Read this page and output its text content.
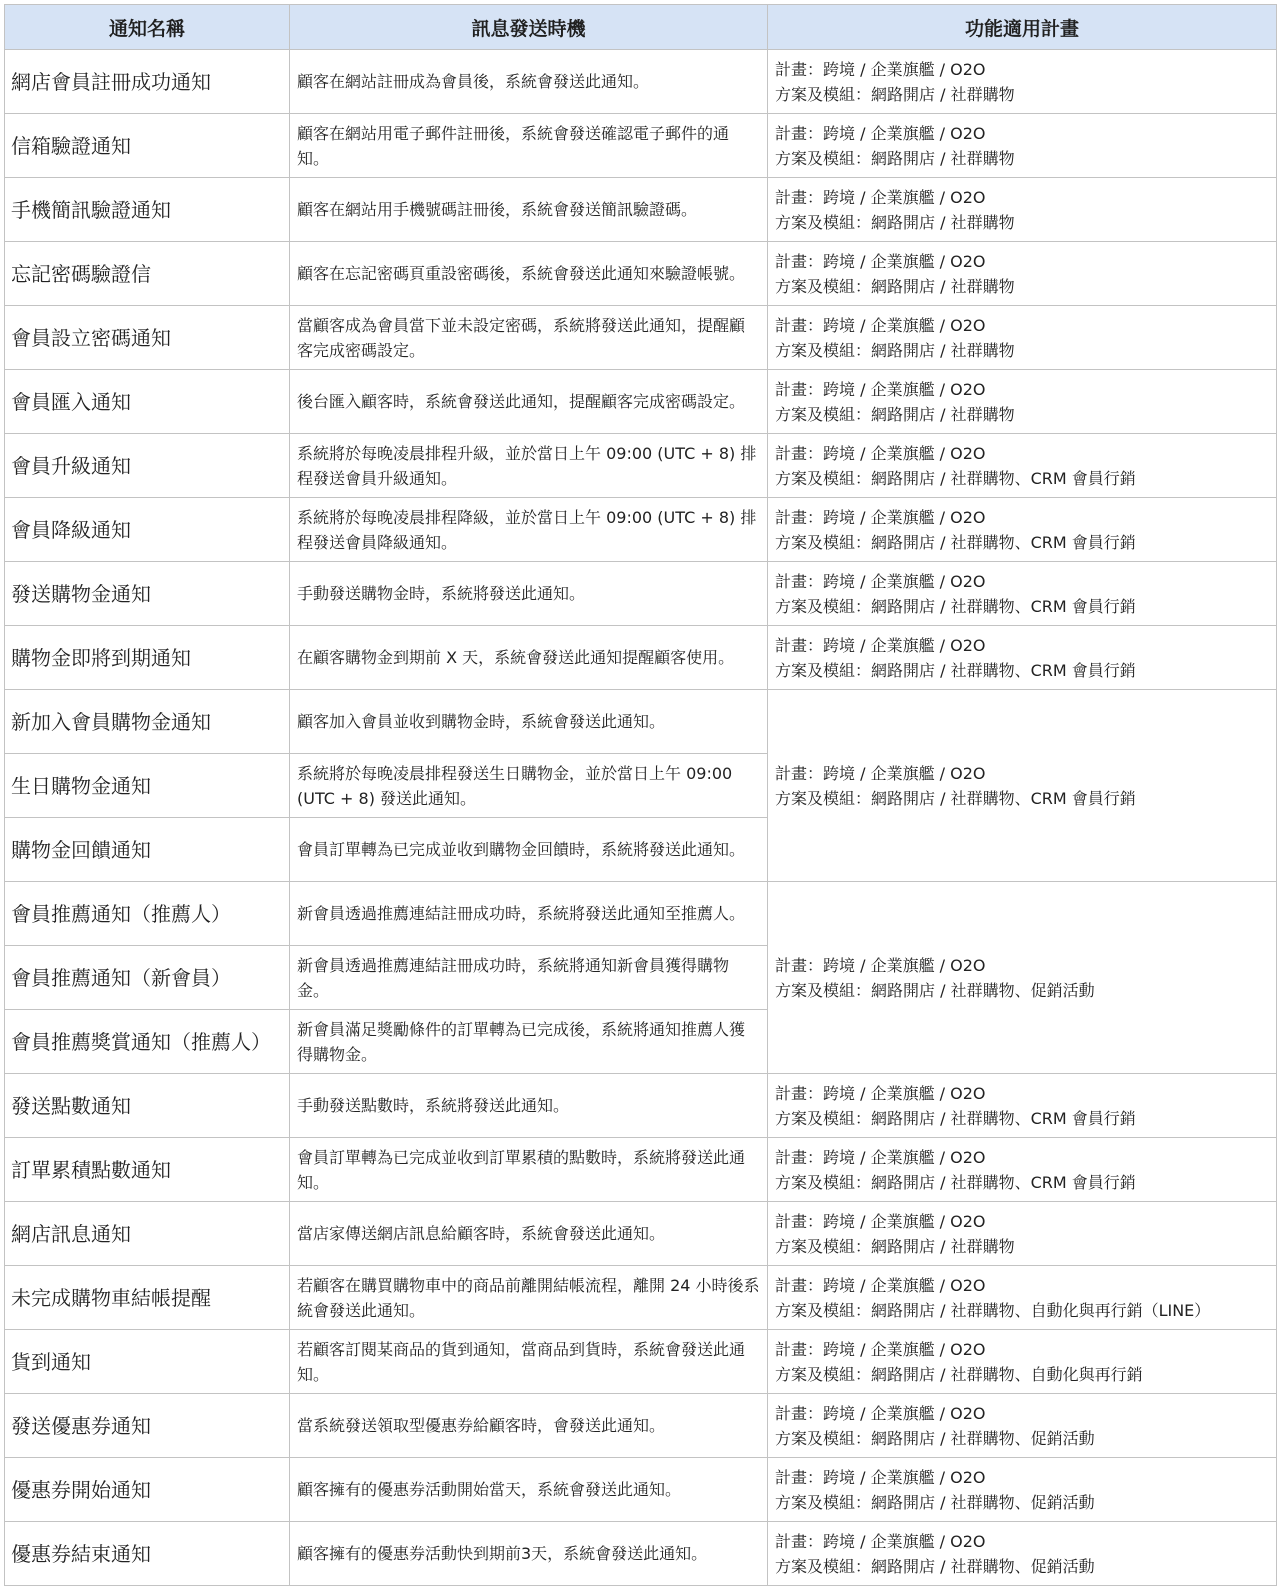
通知名稱	訊息發送時機	功能適用計畫
網店會員註冊成功通知	顧客在網站註冊成為會員後，系統會發送此通知。	計畫：跨境 / 企業旗艦 / O2O
方案及模組：網路開店 / 社群購物

信箱驗證通知	顧客在網站用電子郵件註冊後，系統會發送確認電子郵件的通知。	計畫：跨境 / 企業旗艦 / O2O
方案及模組：網路開店 / 社群購物

手機簡訊驗證通知	顧客在網站用手機號碼註冊後，系統會發送簡訊驗證碼。	計畫：跨境 / 企業旗艦 / O2O
方案及模組：網路開店 / 社群購物

忘記密碼驗證信	顧客在忘記密碼頁重設密碼後，系統會發送此通知來驗證帳號。	計畫：跨境 / 企業旗艦 / O2O
方案及模組：網路開店 / 社群購物

會員設立密碼通知	當顧客成為會員當下並未設定密碼，系統將發送此通知，提醒顧客完成密碼設定。	計畫：跨境 / 企業旗艦 / O2O
方案及模組：網路開店 / 社群購物

會員匯入通知	後台匯入顧客時，系統會發送此通知，提醒顧客完成密碼設定。	計畫：跨境 / 企業旗艦 / O2O
方案及模組：網路開店 / 社群購物

會員升級通知	系統將於每晚凌晨排程升級，並於當日上午 09:00 (UTC + 8) 排程發送會員升級通知。	計畫：跨境 / 企業旗艦 / O2O
方案及模組：網路開店 / 社群購物、CRM 會員行銷

會員降級通知	系統將於每晚凌晨排程降級，並於當日上午 09:00 (UTC + 8) 排程發送會員降級通知。	計畫：跨境 / 企業旗艦 / O2O
方案及模組：網路開店 / 社群購物、CRM 會員行銷

發送購物金通知	手動發送購物金時，系統將發送此通知。	計畫：跨境 / 企業旗艦 / O2O
方案及模組：網路開店 / 社群購物、CRM 會員行銷

購物金即將到期通知	在顧客購物金到期前 X 天，系統會發送此通知提醒顧客使用。	計畫：跨境 / 企業旗艦 / O2O
方案及模組：網路開店 / 社群購物、CRM 會員行銷

新加入會員購物金通知	顧客加入會員並收到購物金時，系統會發送此通知。	計畫：跨境 / 企業旗艦 / O2O
方案及模組：網路開店 / 社群購物、CRM 會員行銷

生日購物金通知	系統將於每晚凌晨排程發送生日購物金，並於當日上午 09:00 (UTC + 8) 發送此通知。	
購物金回饋通知	會員訂單轉為已完成並收到購物金回饋時，系統將發送此通知。	
會員推薦通知（推薦人）	新會員透過推薦連結註冊成功時，系統將發送此通知至推薦人。	計畫：跨境 / 企業旗艦 / O2O
方案及模組：網路開店 / 社群購物、促銷活動

會員推薦通知（新會員）	新會員透過推薦連結註冊成功時，系統將通知新會員獲得購物金。	
會員推薦獎賞通知（推薦人）	新會員滿足獎勵條件的訂單轉為已完成後，系統將通知推薦人獲得購物金。	
發送點數通知	手動發送點數時，系統將發送此通知。	計畫：跨境 / 企業旗艦 / O2O
方案及模組：網路開店 / 社群購物、CRM 會員行銷

訂單累積點數通知	會員訂單轉為已完成並收到訂單累積的點數時，系統將發送此通知。	計畫：跨境 / 企業旗艦 / O2O
方案及模組：網路開店 / 社群購物、CRM 會員行銷

網店訊息通知	當店家傳送網店訊息給顧客時，系統會發送此通知。	計畫：跨境 / 企業旗艦 / O2O
方案及模組：網路開店 / 社群購物

未完成購物車結帳提醒	若顧客在購買購物車中的商品前離開結帳流程，離開 24 小時後系統會發送此通知。	計畫：跨境 / 企業旗艦 / O2O
方案及模組：網路開店 / 社群購物、自動化與再行銷（LINE）

貨到通知	若顧客訂閱某商品的貨到通知，當商品到貨時，系統會發送此通知。	計畫：跨境 / 企業旗艦 / O2O
方案及模組：網路開店 / 社群購物、自動化與再行銷

發送優惠券通知	當系統發送領取型優惠券給顧客時，會發送此通知。	計畫：跨境 / 企業旗艦 / O2O
方案及模組：網路開店 / 社群購物、促銷活動

優惠券開始通知	顧客擁有的優惠券活動開始當天，系統會發送此通知。	計畫：跨境 / 企業旗艦 / O2O
方案及模組：網路開店 / 社群購物、促銷活動

優惠券結束通知	顧客擁有的優惠券活動快到期前3天，系統會發送此通知。	計畫：跨境 / 企業旗艦 / O2O
方案及模組：網路開店 / 社群購物、促銷活動
